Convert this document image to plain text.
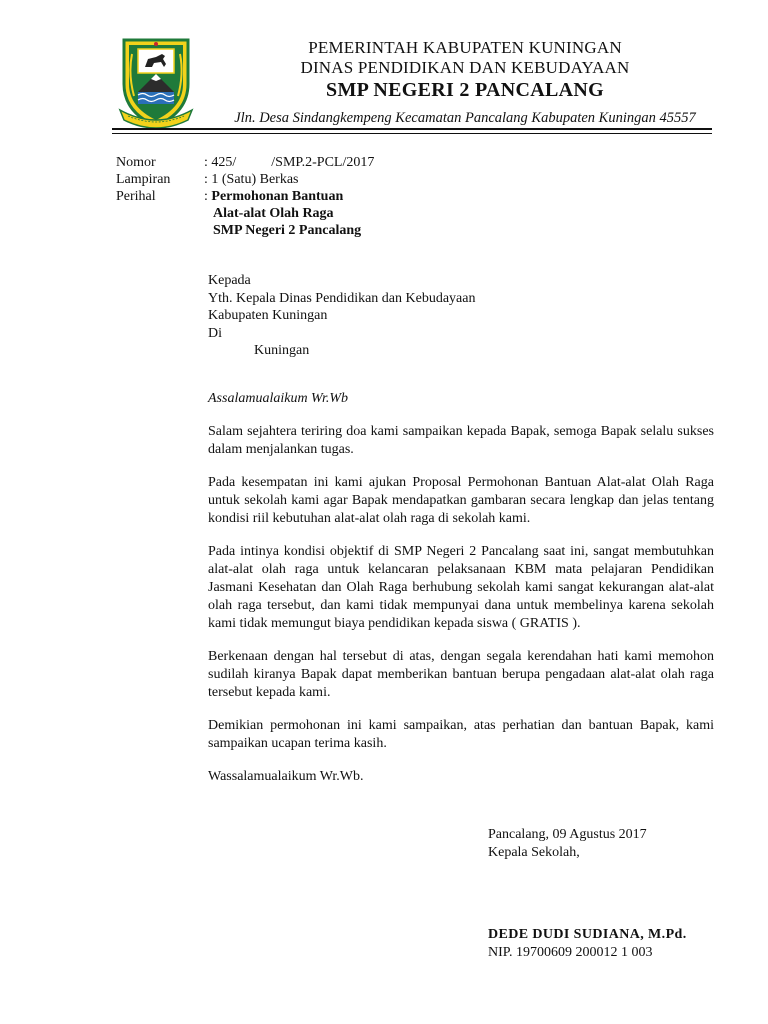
PEMERINTAH KABUPATEN KUNINGAN
DINAS PENDIDIKAN DAN KEBUDAYAAN
SMP NEGERI 2 PANCALANG
Jln. Desa Sindangkempeng Kecamatan Pancalang Kabupaten Kuningan 45557
Nomor	: 425/          /SMP.2-PCL/2017
Lampiran	: 1 (Satu) Berkas
Perihal	: Permohonan Bantuan
Alat-alat Olah Raga
SMP Negeri 2 Pancalang
Kepada
Yth. Kepala Dinas Pendidikan dan Kebudayaan
Kabupaten Kuningan
Di
Kuningan

Assalamualaikum Wr.Wb

Salam sejahtera teriring doa kami sampaikan kepada Bapak, semoga Bapak selalu sukses dalam menjalankan tugas.

Pada kesempatan ini kami ajukan Proposal Permohonan Bantuan Alat-alat Olah Raga untuk sekolah kami agar Bapak mendapatkan gambaran secara lengkap dan jelas tentang kondisi riil kebutuhan alat-alat olah raga di sekolah kami.

Pada intinya kondisi objektif di SMP Negeri 2 Pancalang saat ini, sangat membutuhkan alat-alat olah raga untuk kelancaran pelaksanaan KBM mata pelajaran Pendidikan Jasmani Kesehatan dan Olah Raga berhubung sekolah kami sangat kekurangan alat-alat olah raga tersebut, dan kami tidak mempunyai dana untuk membelinya karena sekolah kami tidak memungut biaya pendidikan kepada siswa ( GRATIS ).

Berkenaan dengan hal tersebut di atas, dengan segala kerendahan hati kami memohon sudilah kiranya Bapak dapat memberikan bantuan berupa pengadaan alat-alat olah raga tersebut kepada kami.

Demikian permohonan ini kami sampaikan, atas perhatian dan bantuan Bapak, kami sampaikan ucapan terima kasih.

Wassalamualaikum Wr.Wb.

Pancalang, 09 Agustus 2017
Kepala Sekolah,
DEDE DUDI SUDIANA, M.Pd.
NIP. 19700609 200012 1 003
